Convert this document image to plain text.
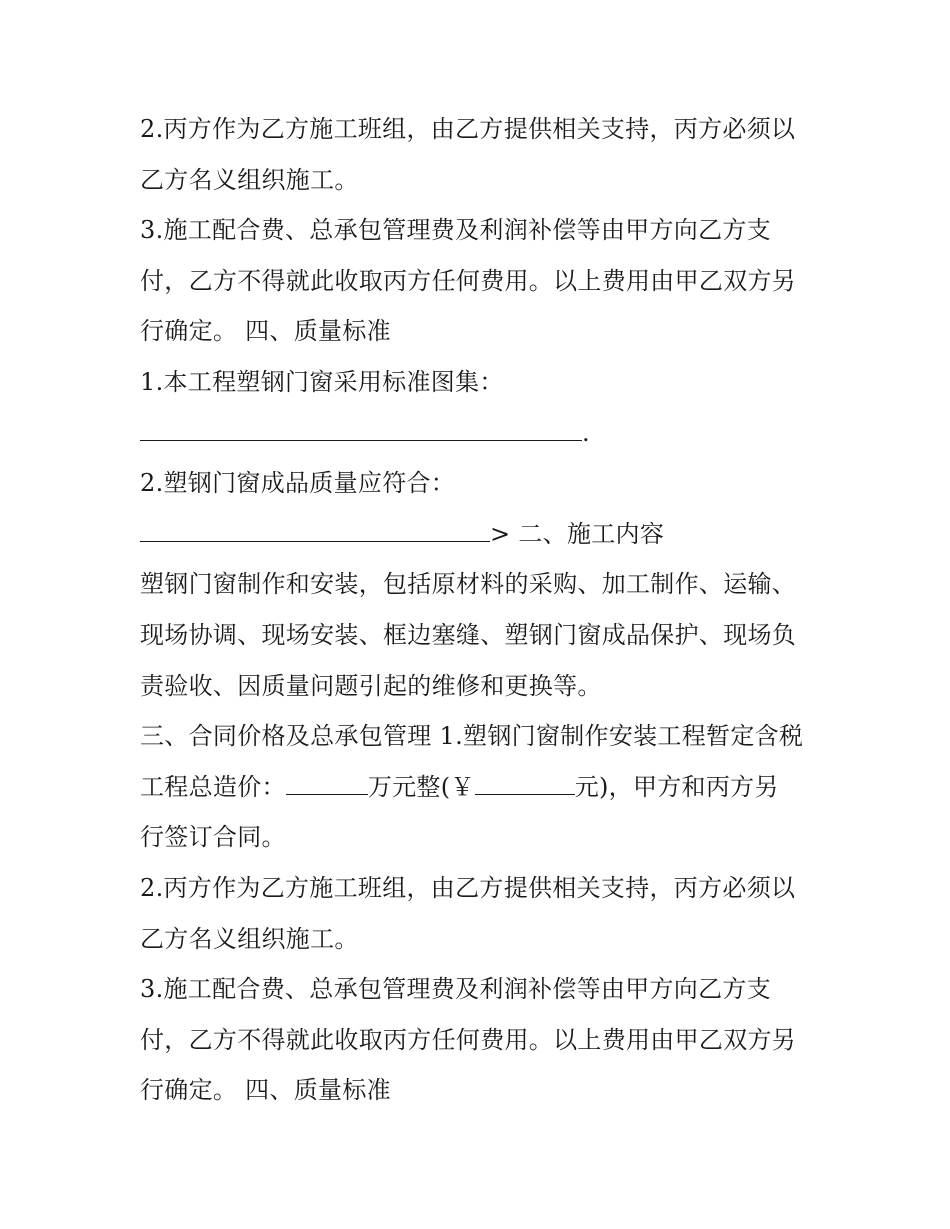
2.丙方作为乙方施工班组，由乙方提供相关支持，丙方必须以
乙方名义组织施工。
3.施工配合费、总承包管理费及利润补偿等由甲方向乙方支
付，乙方不得就此收取丙方任何费用。以上费用由甲乙双方另
行确定。 四、质量标准
1.本工程塑钢门窗采用标准图集：
.
2.塑钢门窗成品质量应符合：
> 二、施工内容
塑钢门窗制作和安装，包括原材料的采购、加工制作、运输、
现场协调、现场安装、框边塞缝、塑钢门窗成品保护、现场负
责验收、因质量问题引起的维修和更换等。
三、合同价格及总承包管理 1.塑钢门窗制作安装工程暂定含税
工程总造价：	万元整(￥	元)，甲方和丙方另
行签订合同。
2.丙方作为乙方施工班组，由乙方提供相关支持，丙方必须以
乙方名义组织施工。
3.施工配合费、总承包管理费及利润补偿等由甲方向乙方支
付，乙方不得就此收取丙方任何费用。以上费用由甲乙双方另
行确定。 四、质量标准
